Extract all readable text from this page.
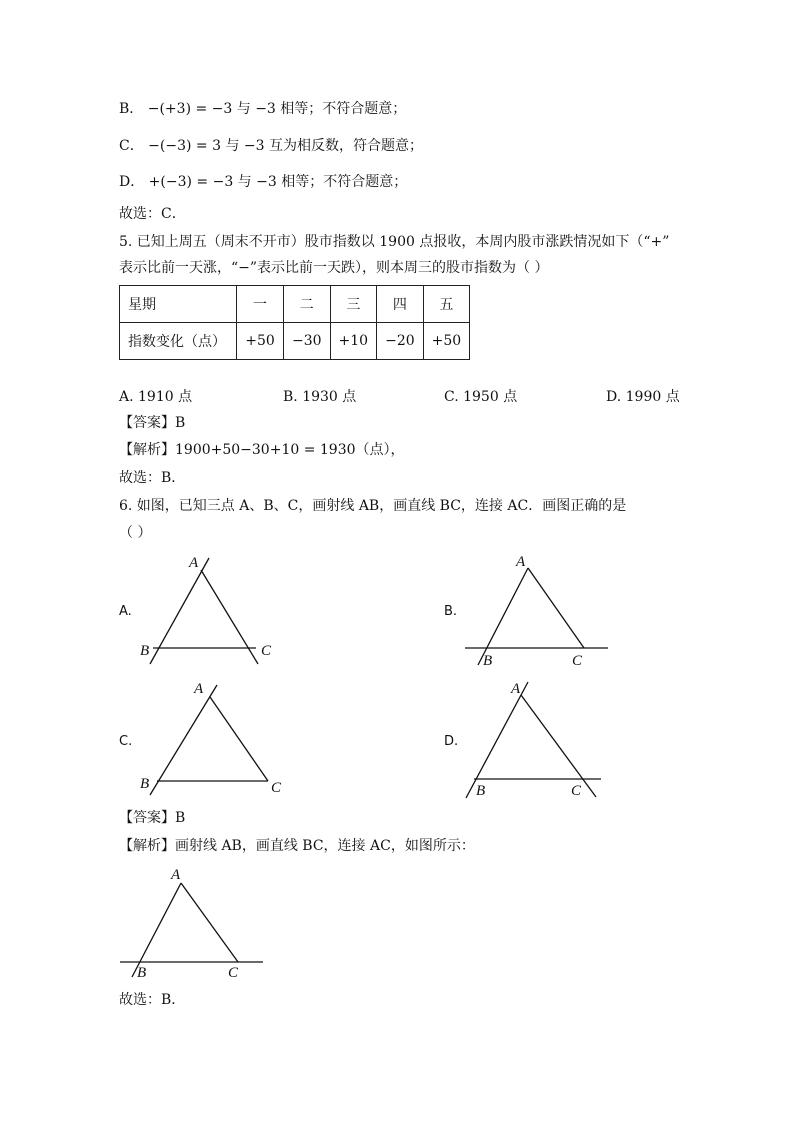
B． −(+3) = −3 与 −3 相等；不符合题意；
C． −(−3) = 3 与 −3 互为相反数，符合题意；
D． +(−3) = −3 与 −3 相等；不符合题意；
故选：C．
5. 已知上周五（周末不开市）股市指数以 1900 点报收，本周内股市涨跌情况如下（“+”
表示比前一天涨，“−”表示比前一天跌），则本周三的股市指数为（ ）
星期	一	二	三	四	五
指数变化（点）	+50	−30	+10	−20	+50
A. 1910 点	B. 1930 点	C. 1950 点	D. 1990 点
【答案】B
【解析】1900+50−30+10 = 1930（点），
故选：B．
6. 如图，已知三点 A、B、C，画射线 AB，画直线 BC，连接 AC．画图正确的是
（ ）
【答案】B
【解析】画射线 AB，画直线 BC，连接 AC，如图所示：
故选：B．
A.	B.
C.	D.
A
B	C
A
B	C
A
B	C
A
B	C
A
B	C
